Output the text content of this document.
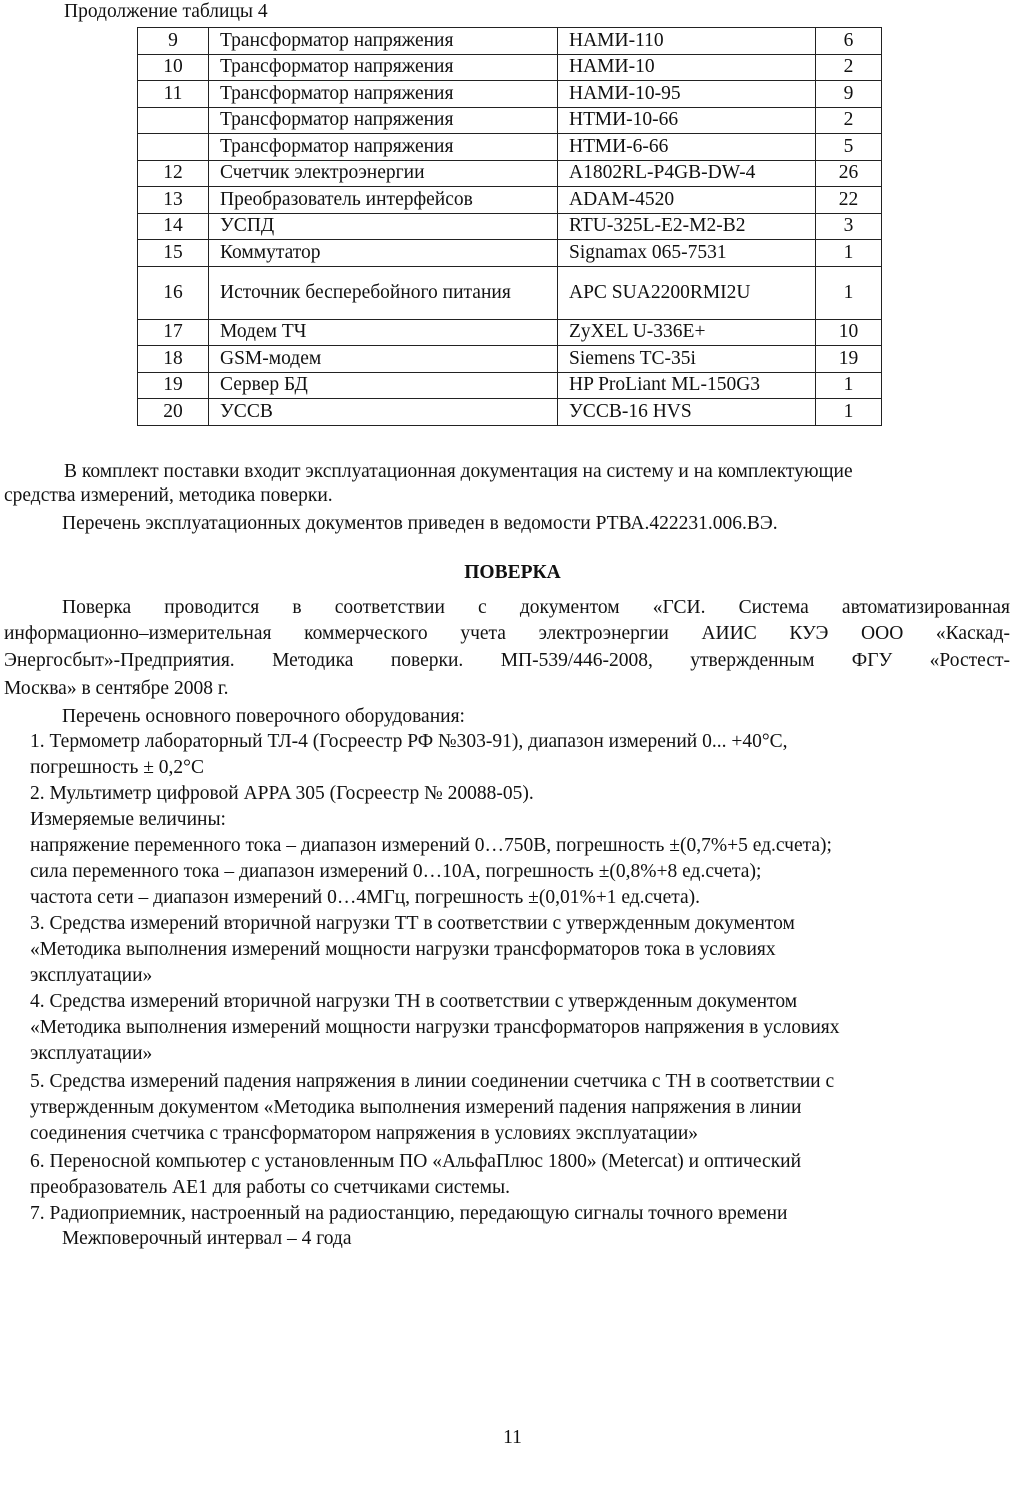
Продолжение таблицы 4
9	Трансформатор напряжения	НАМИ-110	6
10	Трансформатор напряжения	НАМИ-10	2
11	Трансформатор напряжения	НАМИ-10-95	9
	Трансформатор напряжения	НТМИ-10-66	2
	Трансформатор напряжения	НТМИ-6-66	5
12	Счетчик электроэнергии	A1802RL-P4GB-DW-4	26
13	Преобразователь интерфейсов	ADAM-4520	22
14	УСПД	RTU-325L-E2-M2-B2	3
15	Коммутатор	Signamax 065-7531	1
16	Источник бесперебойного питания	APC SUA2200RMI2U	1
17	Модем ТЧ	ZyXEL U-336E+	10
18	GSM-модем	Siemens TC-35i	19
19	Сервер БД	HP ProLiant ML-150G3	1
20	УССВ	УССВ-16 HVS	1
В комплект поставки входит эксплуатационная документация на систему и на комплектующие
средства измерений, методика поверки.
Перечень эксплуатационных документов приведен в ведомости РТВА.422231.006.ВЭ.
ПОВЕРКА
Поверка проводится в соответствии с документом «ГСИ. Система автоматизированная
информационно–измерительная коммерческого учета электроэнергии АИИС КУЭ ООО «Каскад-
Энергосбыт»-Предприятия. Методика поверки. МП-539/446-2008, утвержденным ФГУ «Ростест-
Москва» в сентябре 2008 г.
Перечень основного поверочного оборудования:
1. Термометр лабораторный ТЛ-4 (Госреестр РФ №303-91), диапазон измерений 0... +40°С,
погрешность ± 0,2°С
2. Мультиметр цифровой APPA 305 (Госреестр № 20088-05).
Измеряемые величины:
напряжение переменного тока – диапазон измерений 0…750В, погрешность ±(0,7%+5 ед.счета);
сила переменного тока – диапазон измерений 0…10А, погрешность ±(0,8%+8 ед.счета);
частота сети – диапазон измерений 0…4МГц, погрешность ±(0,01%+1 ед.счета).
3. Средства измерений вторичной нагрузки ТТ в соответствии с утвержденным документом
«Методика выполнения измерений мощности нагрузки трансформаторов тока в условиях
эксплуатации»
4. Средства измерений вторичной нагрузки ТН в соответствии с утвержденным документом
«Методика выполнения измерений мощности нагрузки трансформаторов напряжения в условиях
эксплуатации»
5. Средства измерений падения напряжения в линии соединении счетчика с ТН в соответствии с
утвержденным документом «Методика выполнения измерений падения напряжения в линии
соединения счетчика с трансформатором напряжения в условиях эксплуатации»
6. Переносной компьютер с установленным ПО «АльфаПлюс 1800» (Metercat) и оптический
преобразователь АЕ1 для работы со счетчиками системы.
7. Радиоприемник, настроенный на радиостанцию, передающую сигналы точного времени
Межповерочный интервал – 4 года
11
